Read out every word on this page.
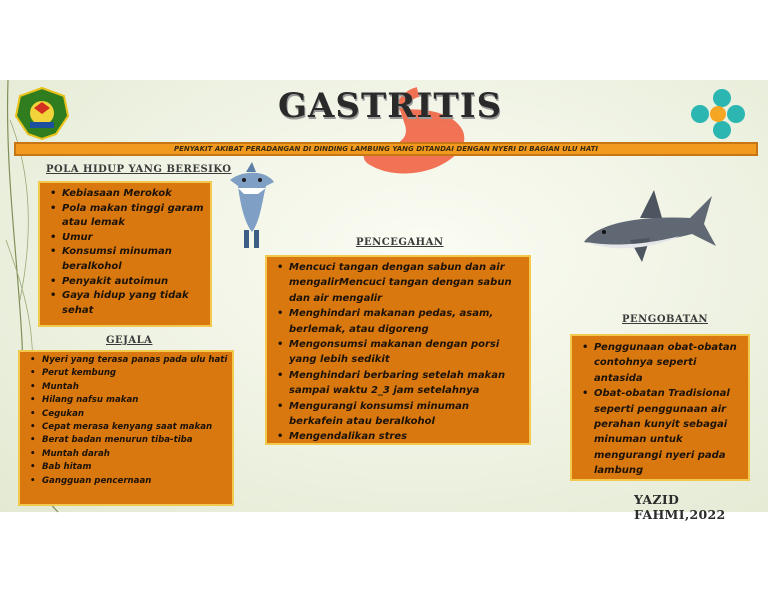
GASTRITIS
PENYAKIT AKIBAT PERADANGAN DI DINDING LAMBUNG YANG DITANDAI DENGAN NYERI DI BAGIAN ULU HATI
POLA HIDUP YANG BERESIKO
• Kebiasaan Merokok
• Pola makan tinggi garam atau lemak
• Umur
• Konsumsi minuman beralkohol
• Penyakit autoimun
• Gaya hidup yang tidak sehat
GEJALA
• Nyeri yang terasa panas pada ulu hati
• Perut kembung
• Muntah
• Hilang nafsu makan
• Cegukan
• Cepat merasa kenyang saat makan
• Berat badan menurun tiba-tiba
• Muntah darah
• Bab hitam
• Gangguan pencernaan
PENCEGAHAN
• Mencuci tangan dengan sabun dan air mengalirMencuci tangan dengan sabun dan air mengalir
• Menghindari makanan pedas, asam, berlemak, atau digoreng
• Mengonsumsi makanan dengan porsi yang lebih sedikit
• Menghindari berbaring setelah makan sampai waktu 2_3 jam setelahnya
• Mengurangi konsumsi minuman berkafein atau beralkohol
• Mengendalikan stres
PENGOBATAN
• Penggunaan obat-obatan contohnya seperti antasida
• Obat-obatan Tradisional seperti penggunaan air perahan kunyit sebagai minuman untuk mengurangi nyeri pada lambung
YAZID FAHMI,2022
